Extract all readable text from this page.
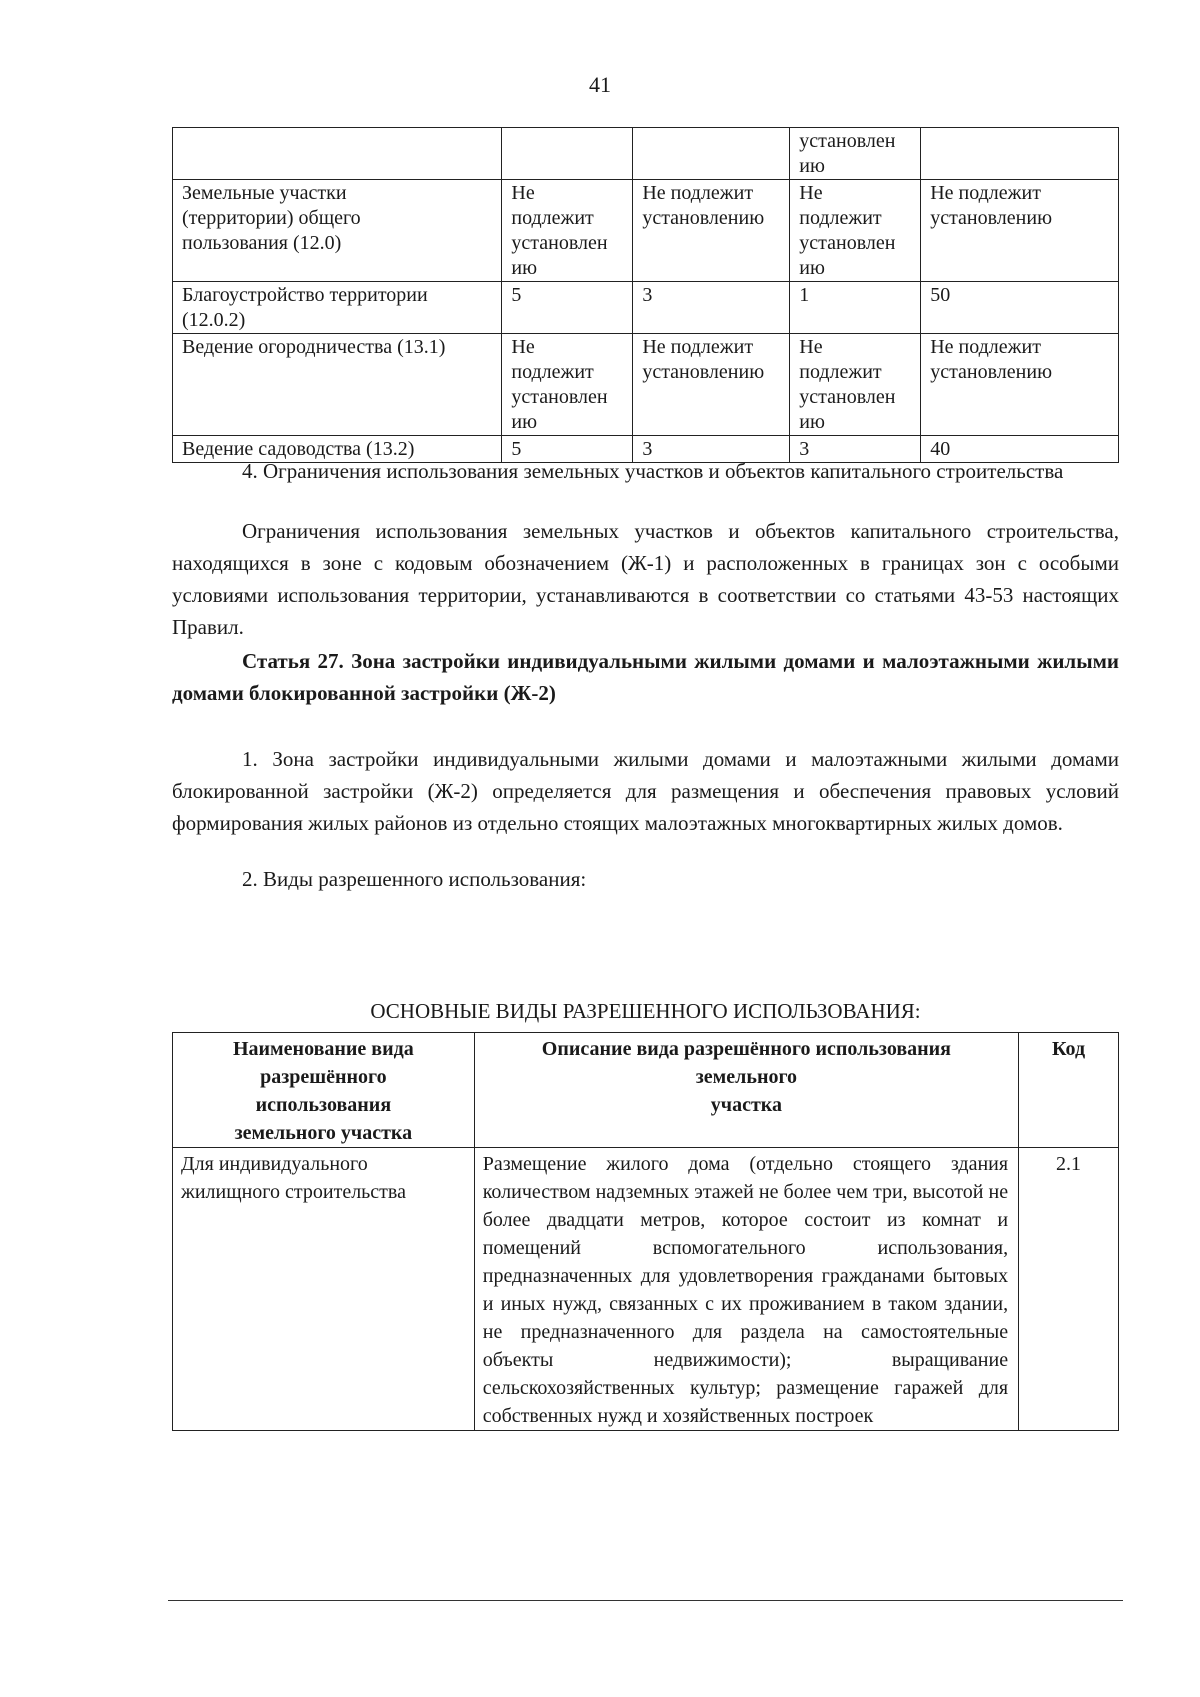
41
			установлен
ию	
Земельные участки
(территории) общего
пользования (12.0)	Не
подлежит
установлен
ию	Не подлежит
установлению	Не
подлежит
установлен
ию	Не подлежит
установлению
Благоустройство территории
(12.0.2)	5	3	1	50
Ведение огородничества (13.1)	Не
подлежит
установлен
ию	Не подлежит
установлению	Не
подлежит
установлен
ию	Не подлежит
установлению
Ведение садоводства (13.2)	5	3	3	40
4. Ограничения использования земельных участков и объектов капитального строительства
Ограничения использования земельных участков и объектов капитального строительства, находящихся в зоне с кодовым обозначением (Ж-1) и расположенных в границах зон с особыми условиями использования территории, устанавливаются в соответствии со статьями 43-53 настоящих Правил.
Статья 27. Зона застройки индивидуальными жилыми домами и малоэтажными жилыми домами блокированной застройки (Ж-2)
1. Зона застройки индивидуальными жилыми домами и малоэтажными жилыми домами блокированной застройки (Ж-2) определяется для размещения и обеспечения правовых условий формирования жилых районов из отдельно стоящих малоэтажных многоквартирных жилых домов.
2. Виды разрешенного использования:
ОСНОВНЫЕ ВИДЫ РАЗРЕШЕННОГО ИСПОЛЬЗОВАНИЯ:
Наименование вида
разрешённого
использования
земельного участка	Описание вида разрешённого использования
земельного
участка	Код
Для индивидуального
жилищного строительства	Размещение жилого дома (отдельно стоящего здания количеством надземных этажей не более чем три, высотой не более двадцати метров, которое состоит из комнат и помещений вспомогательного использования, предназначенных для удовлетворения гражданами бытовых и иных нужд, связанных с их проживанием в таком здании, не предназначенного для раздела на самостоятельные объекты недвижимости); выращивание сельскохозяйственных культур; размещение гаражей для собственных нужд и хозяйственных построек	2.1
